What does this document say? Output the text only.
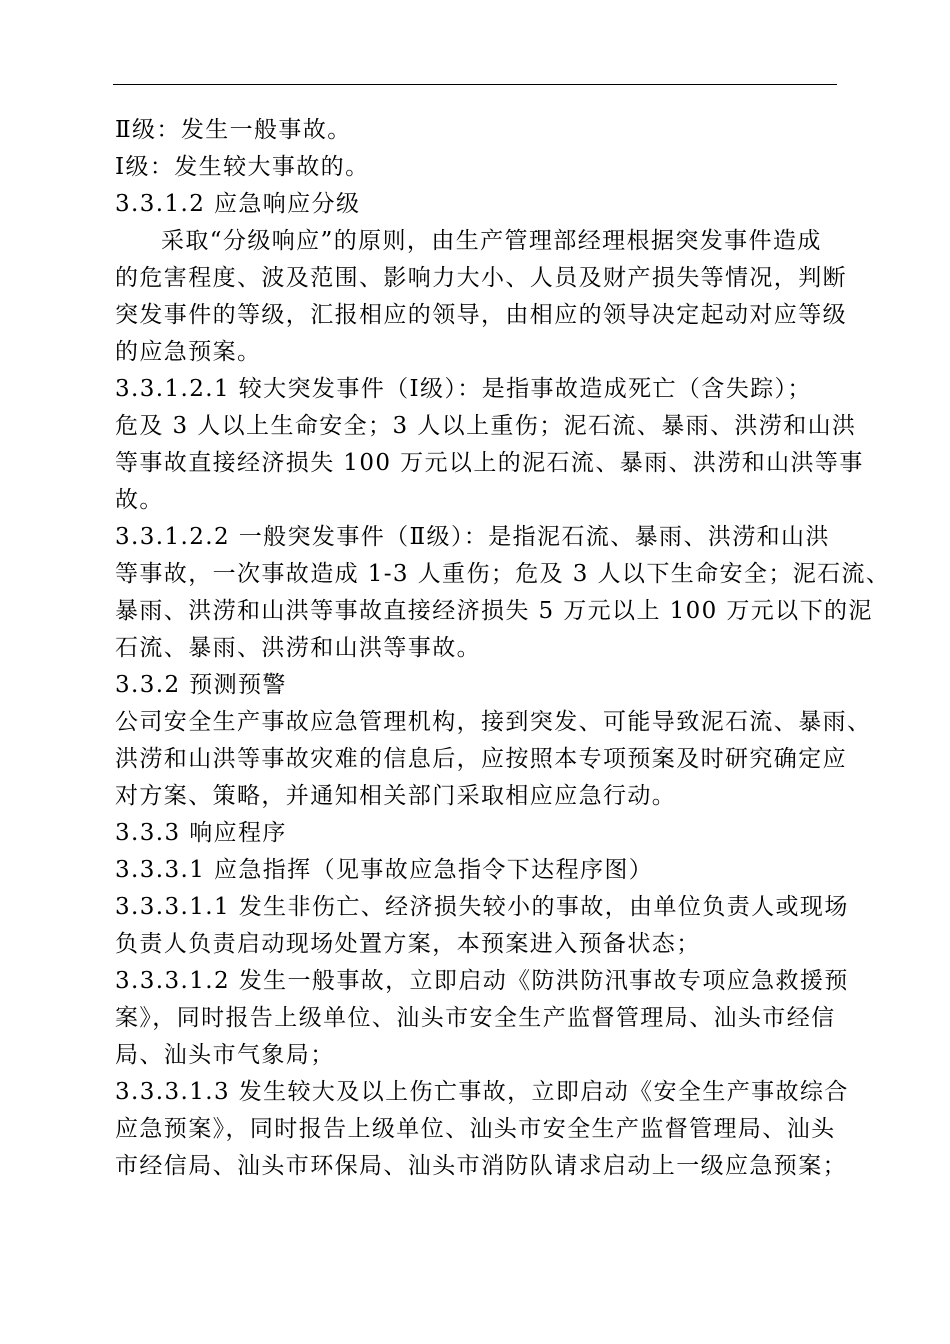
Ⅱ级：发生一般事故。
Ⅰ级：发生较大事故的。
3.3.1.2 应急响应分级
采取“分级响应”的原则，由生产管理部经理根据突发事件造成
的危害程度、波及范围、影响力大小、人员及财产损失等情况，判断
突发事件的等级，汇报相应的领导，由相应的领导决定起动对应等级
的应急预案。
3.3.1.2.1 较大突发事件（Ⅰ级）：是指事故造成死亡（含失踪）；
危及 3 人以上生命安全；3 人以上重伤；泥石流、暴雨、洪涝和山洪
等事故直接经济损失 100 万元以上的泥石流、暴雨、洪涝和山洪等事
故。
3.3.1.2.2 一般突发事件（Ⅱ级）：是指泥石流、暴雨、洪涝和山洪
等事故，一次事故造成 1-3 人重伤；危及 3 人以下生命安全；泥石流、
暴雨、洪涝和山洪等事故直接经济损失 5 万元以上 100 万元以下的泥
石流、暴雨、洪涝和山洪等事故。
3.3.2 预测预警
公司安全生产事故应急管理机构，接到突发、可能导致泥石流、暴雨、
洪涝和山洪等事故灾难的信息后，应按照本专项预案及时研究确定应
对方案、策略，并通知相关部门采取相应应急行动。
3.3.3 响应程序
3.3.3.1 应急指挥（见事故应急指令下达程序图）
3.3.3.1.1 发生非伤亡、经济损失较小的事故，由单位负责人或现场
负责人负责启动现场处置方案，本预案进入预备状态；
3.3.3.1.2 发生一般事故，立即启动《防洪防汛事故专项应急救援预
案》，同时报告上级单位、汕头市安全生产监督管理局、汕头市经信
局、汕头市气象局；
3.3.3.1.3 发生较大及以上伤亡事故，立即启动《安全生产事故综合
应急预案》，同时报告上级单位、汕头市安全生产监督管理局、汕头
市经信局、汕头市环保局、汕头市消防队请求启动上一级应急预案；
